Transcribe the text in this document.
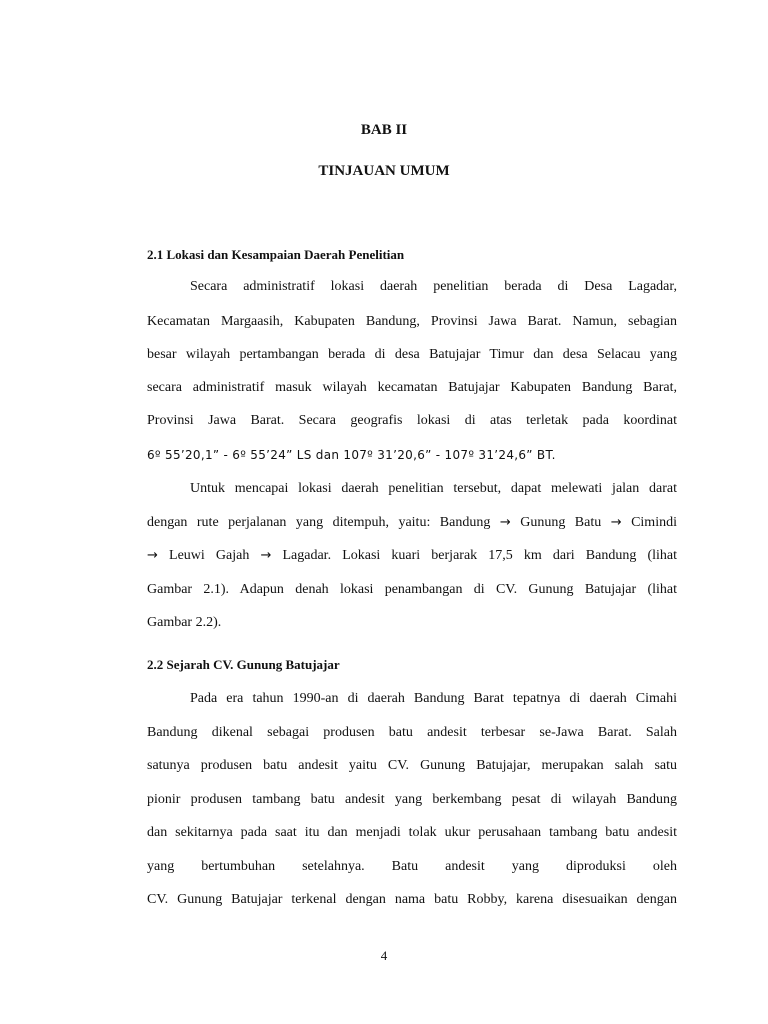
BAB II
TINJAUAN UMUM
2.1 Lokasi dan Kesampaian Daerah Penelitian
Secara administratif lokasi daerah penelitian berada di Desa Lagadar,
Kecamatan Margaasih, Kabupaten Bandung, Provinsi Jawa Barat. Namun, sebagian
besar wilayah pertambangan berada di desa Batujajar Timur dan desa Selacau yang
secara administratif masuk wilayah kecamatan Batujajar Kabupaten Bandung Barat,
Provinsi Jawa Barat. Secara geografis lokasi di atas terletak pada koordinat
6º 55’20,1” - 6º 55’24” LS dan 107º 31’20,6” - 107º 31’24,6” BT.
Untuk mencapai lokasi daerah penelitian tersebut, dapat melewati jalan darat
dengan rute perjalanan yang ditempuh, yaitu: Bandung → Gunung Batu → Cimindi
→ Leuwi Gajah → Lagadar. Lokasi kuari berjarak 17,5 km dari Bandung (lihat
Gambar 2.1). Adapun denah lokasi penambangan di CV. Gunung Batujajar (lihat
Gambar 2.2).
2.2 Sejarah CV. Gunung Batujajar
Pada era tahun 1990-an di daerah Bandung Barat tepatnya di daerah Cimahi
Bandung dikenal sebagai produsen batu andesit terbesar se-Jawa Barat. Salah
satunya produsen batu andesit yaitu CV. Gunung Batujajar, merupakan salah satu
pionir produsen tambang batu andesit yang berkembang pesat di wilayah Bandung
dan sekitarnya pada saat itu dan menjadi tolak ukur perusahaan tambang batu andesit
yang bertumbuhan setelahnya. Batu andesit yang diproduksi oleh
CV. Gunung Batujajar terkenal dengan nama batu Robby, karena disesuaikan dengan
4
